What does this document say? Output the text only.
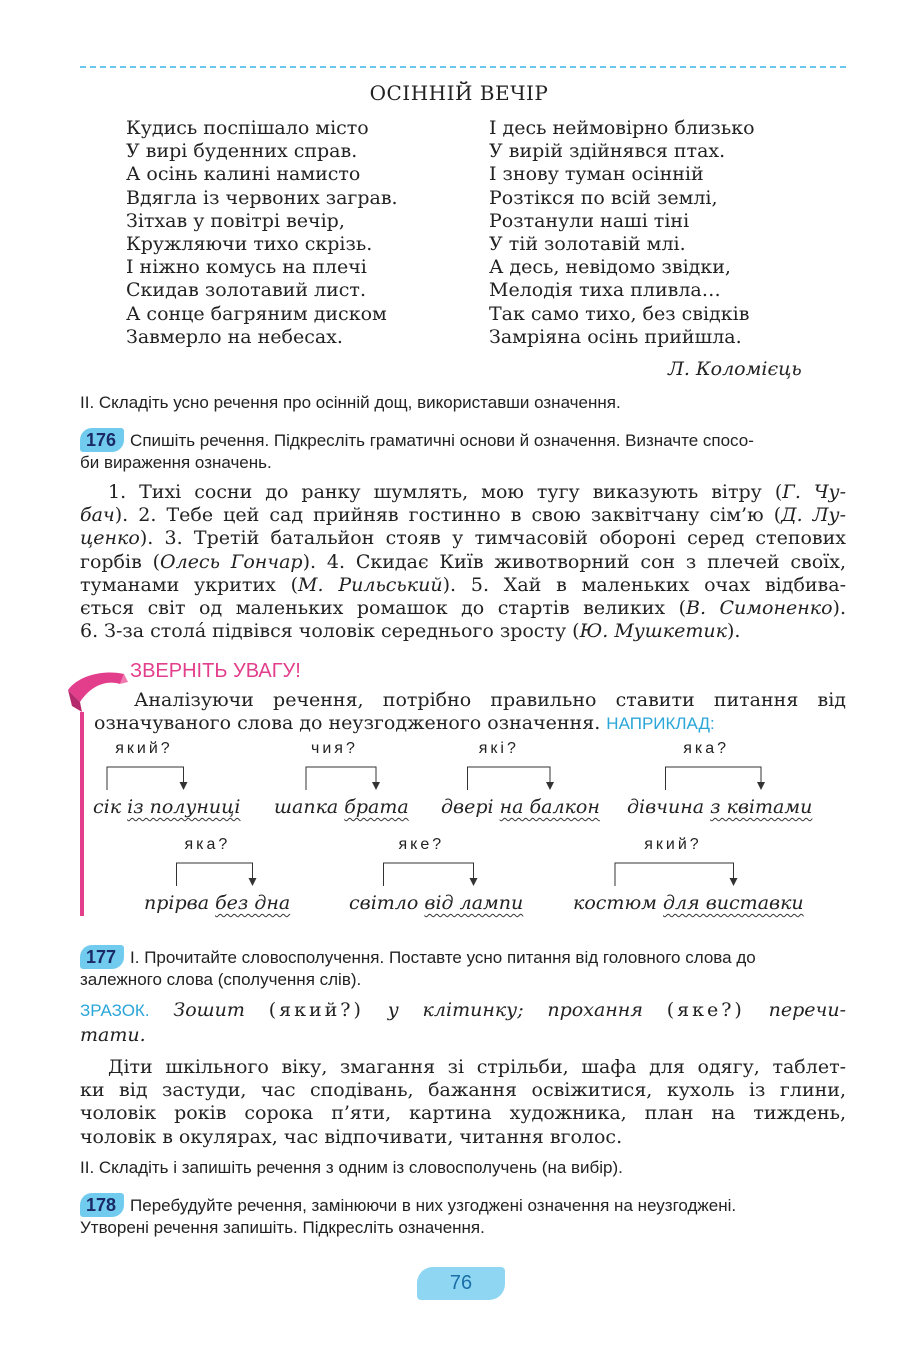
ОСІННІЙ ВЕЧІР
Кудись поспішало місто
У вирі буденних справ.
А осінь калині намисто
Вдягла із червоних заграв.
Зітхав у повітрі вечір,
Кружляючи тихо скрізь.
І ніжно комусь на плечі
Скидав золотавий лист.
А сонце багряним диском
Завмерло на небесах.
І десь неймовірно близько
У вирій здійнявся птах.
І знову туман осінній
Розтікся по всій землі,
Розтанули наші тіні
У тій золотавій млі.
А десь, невідомо звідки,
Мелодія тиха пливла…
Так само тихо, без свідків
Замріяна осінь прийшла.
Л. Коломієць
ІІ. Складіть усно речення про осінній дощ, використавши означення.
176 Спишіть речення. Підкресліть граматичні основи й означення. Визначте спосо-
би вираження означень.
1. Тихі сосни до ранку шумлять, мою тугу виказують вітру (Г. Чу-
бач). 2. Тебе цей сад прийняв гостинно в свою заквітчану сім’ю (Д. Лу-
ценко). 3. Третій батальйон стояв у тимчасовій обороні серед степових
горбів (Олесь Гончар). 4. Скидає Київ животворний сон з плечей своїх,
туманами укритих (М. Рильський). 5. Хай в маленьких очах відбива-
ється світ од маленьких ромашок до стартів великих (В. Симоненко).
6. З-за стола́ підвівся чоловік середнього зросту (Ю. Мушкетик).
ЗВЕРНІТЬ УВАГУ!
Аналізуючи речення, потрібно правильно ставити питання від
означуваного слова до неузгодженого означення. НАПРИКЛАД:
сік із полуниці
який?
шапка брата
чия?
двері на балкон
які?
дівчина з квітами
яка?
прірва без дна
яка?
світло від лампи
яке?
костюм для виставки
який?
177 І. Прочитайте словосполучення. Поставте усно питання від головного слова до
залежного слова (сполучення слів).
ЗРАЗОК. Зошит (який?) у клітинку; прохання (яке?) перечи-
тати.
Діти шкільного віку, змагання зі стрільби, шафа для одягу, таблет-
ки від застуди, час сподівань, бажання освіжитися, кухоль із глини,
чоловік років сорока п’яти, картина художника, план на тиждень,
чоловік в окулярах, час відпочивати, читання вголос.
ІІ. Складіть і запишіть речення з одним із словосполучень (на вибір).
178 Перебудуйте речення, замінюючи в них узгоджені означення на неузгоджені.
Утворені речення запишіть. Підкресліть означення.
76
